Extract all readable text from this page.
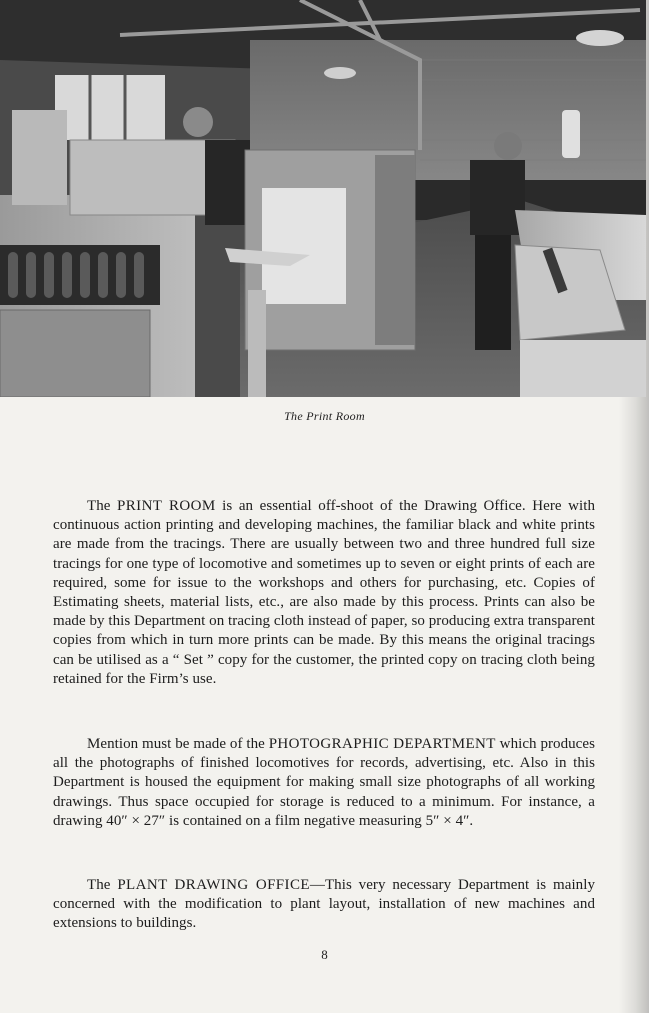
The Print Room

The PRINT ROOM is an essential off-shoot of the Drawing Office. Here with continuous action printing and developing machines, the familiar black and white prints are made from the tracings. There are usually between two and three hundred full size tracings for one type of locomotive and sometimes up to seven or eight prints of each are required, some for issue to the workshops and others for purchasing, etc. Copies of Estimating sheets, material lists, etc., are also made by this process. Prints can also be made by this Department on tracing cloth instead of paper, so producing extra transparent copies from which in turn more prints can be made. By this means the original tracings can be utilised as a “ Set ” copy for the customer, the printed copy on tracing cloth being retained for the Firm’s use.

Mention must be made of the PHOTOGRAPHIC DEPARTMENT which produces all the photographs of finished locomotives for records, advertising, etc. Also in this Department is housed the equipment for making small size photographs of all working drawings. Thus space occupied for storage is reduced to a minimum. For instance, a drawing 40″ × 27″ is contained on a film negative measuring 5″ × 4″.

The PLANT DRAWING OFFICE—This very necessary Department is mainly concerned with the modification to plant layout, installation of new machines and extensions to buildings.

8
